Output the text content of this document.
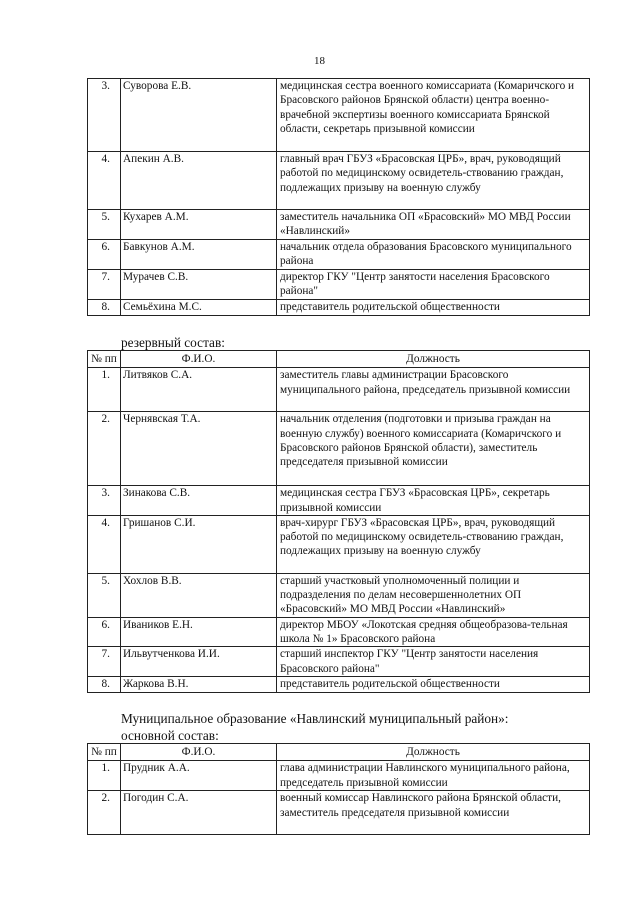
18
3.	Суворова Е.В.	медицинская сестра военного комиссариата (Комаричского и Брасовского районов Брянской области) центра военно-врачебной экспертизы военного комиссариата Брянской области, секретарь призывной комиссии
4.	Апекин А.В.	главный врач ГБУЗ «Брасовская ЦРБ», врач, руководящий работой по медицинскому освидетель-ствованию граждан, подлежащих призыву на военную службу
5.	Кухарев А.М.	заместитель начальника ОП «Брасовский» МО МВД России «Навлинский»
6.	Бавкунов А.М.	начальник отдела образования Брасовского муниципального района
7.	Мурачев С.В.	директор ГКУ "Центр занятости населения Брасовского района"
8.	Семьёхина М.С.	представитель родительской общественности
резервный состав:
№ пп	Ф.И.О.	Должность
1.	Литвяков С.А.	заместитель главы администрации Брасовского муниципального района, председатель призывной комиссии
2.	Чернявская Т.А.	начальник отделения (подготовки и призыва граждан на военную службу) военного комиссариата (Комаричского и Брасовского районов Брянской области), заместитель председателя призывной комиссии
3.	Зинакова С.В.	медицинская сестра ГБУЗ «Брасовская ЦРБ», секретарь призывной комиссии
4.	Гришанов С.И.	врач-хирург ГБУЗ «Брасовская ЦРБ», врач, руководящий работой по медицинскому освидетель-ствованию граждан, подлежащих призыву на военную службу
5.	Хохлов В.В.	старший участковый уполномоченный полиции и подразделения по делам несовершеннолетних ОП «Брасовский» МО МВД России «Навлинский»
6.	Иваников Е.Н.	директор МБОУ «Локотская средняя общеобразова-тельная школа № 1» Брасовского района
7.	Ильвутченкова И.И.	старший инспектор ГКУ "Центр занятости населения Брасовского района"
8.	Жаркова В.Н.	представитель родительской общественности
Муниципальное образование «Навлинский муниципальный район»:
основной состав:
№ пп	Ф.И.О.	Должность
1.	Прудник А.А.	глава администрации Навлинского муниципального района, председатель призывной комиссии
2.	Погодин С.А.	военный комиссар Навлинского района Брянской области, заместитель председателя призывной комиссии
